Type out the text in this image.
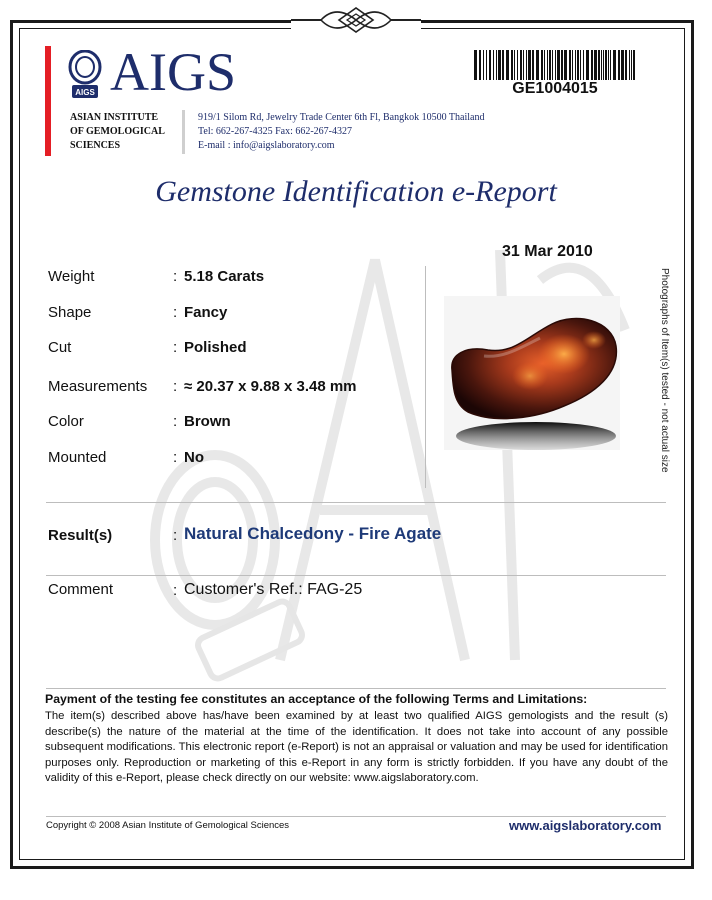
AIGS AIGS
ASIAN INSTITUTE
OF GEMOLOGICAL
SCIENCES
919/1 Silom Rd, Jewelry Trade Center 6th Fl, Bangkok 10500 Thailand
Tel: 662-267-4325 Fax: 662-267-4327
E-mail : info@aigslaboratory.com
GE1004015
Gemstone Identification e-Report
31 Mar 2010
Weight	: 5.18 Carats
Shape	: Fancy
Cut	: Polished
Measurements : ≈ 20.37 x 9.88 x 3.48 mm
Color	: Brown
Mounted	: No	Photographs of Item(s) tested - not actual size
Result(s)	: Natural Chalcedony - Fire Agate
Comment	: Customer's Ref.: FAG-25
Payment of the testing fee constitutes an acceptance of the following Terms and Limitations:
The item(s) described above has/have been examined by at least two qualified AIGS gemologists and the result (s) describe(s) the nature of the material at the time of the identification. It does not take into account of any possible subsequent modifications. This electronic report (e-Report) is not an appraisal or valuation and may be used for identification purposes only. Reproduction or marketing of this e-Report in any form is strictly forbidden. If you have any doubt of the validity of this e-Report, please check directly on our website: www.aigslaboratory.com.
Copyright © 2008 Asian Institute of Gemological Sciences	www.aigslaboratory.com
